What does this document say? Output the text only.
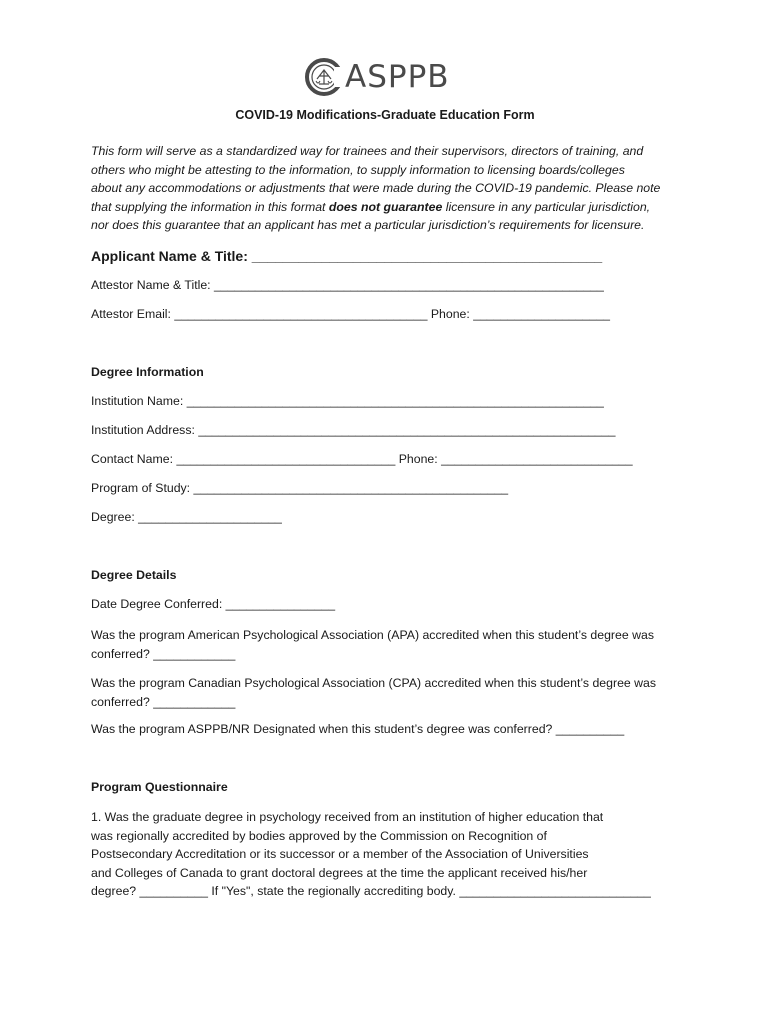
ASPPB
COVID-19 Modifications-Graduate Education Form
This form will serve as a standardized way for trainees and their supervisors, directors of training, and
others who might be attesting to the information, to supply information to licensing boards/colleges
about any accommodations or adjustments that were made during the COVID-19 pandemic. Please note
that supplying the information in this format does not guarantee licensure in any particular jurisdiction,
nor does this guarantee that an applicant has met a particular jurisdiction’s requirements for licensure.
Applicant Name & Title: _____________________________________________
Attestor Name & Title: _________________________________________________________
Attestor Email: _____________________________________ Phone: ____________________
Degree Information
Institution Name: _____________________________________________________________
Institution Address: _____________________________________________________________
Contact Name: ________________________________ Phone: ____________________________
Program of Study: ______________________________________________
Degree: _____________________
Degree Details
Date Degree Conferred: ________________
Was the program American Psychological Association (APA) accredited when this student’s degree was
conferred? ____________
Was the program Canadian Psychological Association (CPA) accredited when this student’s degree was
conferred? ____________
Was the program ASPPB/NR Designated when this student’s degree was conferred? __________
Program Questionnaire
1. Was the graduate degree in psychology received from an institution of higher education that
was regionally accredited by bodies approved by the Commission on Recognition of
Postsecondary Accreditation or its successor or a member of the Association of Universities
and Colleges of Canada to grant doctoral degrees at the time the applicant received his/her
degree? __________ If "Yes", state the regionally accrediting body. ____________________________
